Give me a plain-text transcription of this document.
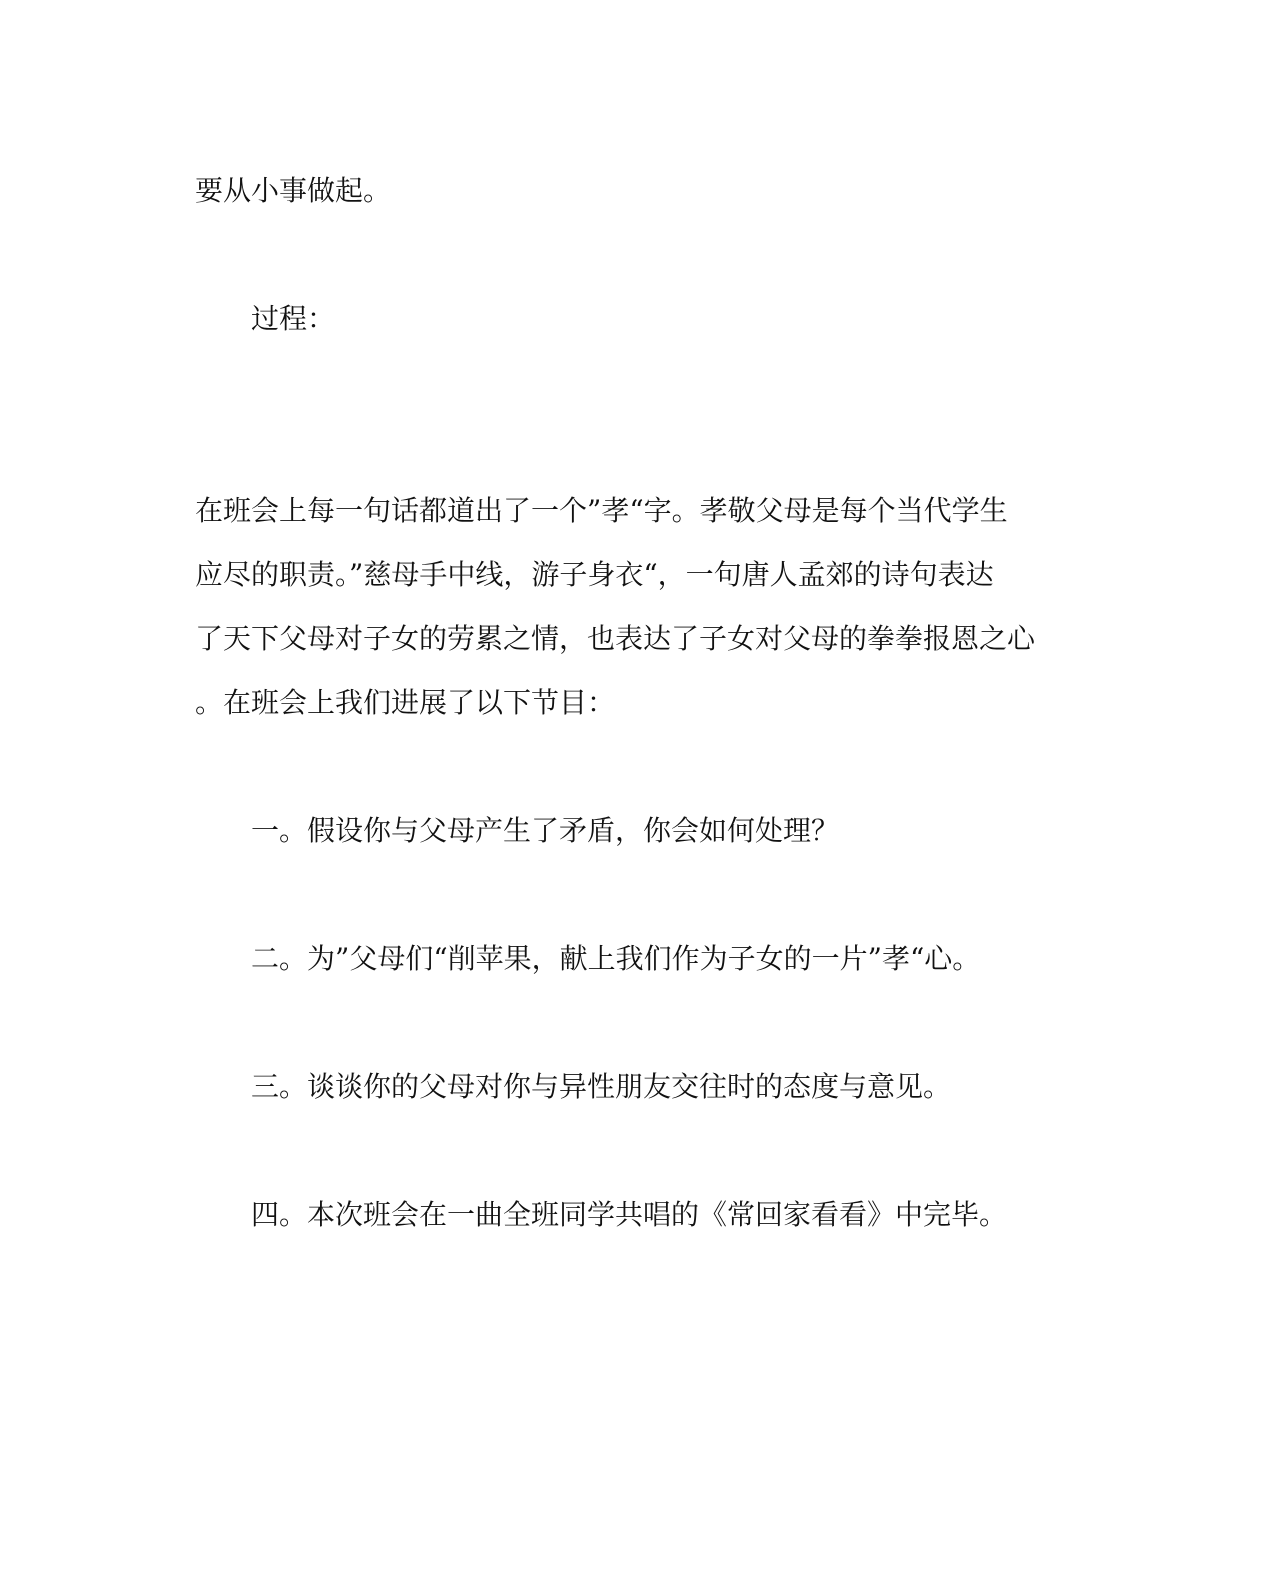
要从小事做起。
过程：
在班会上每一句话都道出了一个”孝“字。孝敬父母是每个当代学生
应尽的职责。”慈母手中线，游子身衣“，一句唐人孟郊的诗句表达
了天下父母对子女的劳累之情，也表达了子女对父母的拳拳报恩之心
。在班会上我们进展了以下节目：
一。假设你与父母产生了矛盾，你会如何处理？
二。为”父母们“削苹果，献上我们作为子女的一片”孝“心。
三。谈谈你的父母对你与异性朋友交往时的态度与意见。
四。本次班会在一曲全班同学共唱的《常回家看看》中完毕。
